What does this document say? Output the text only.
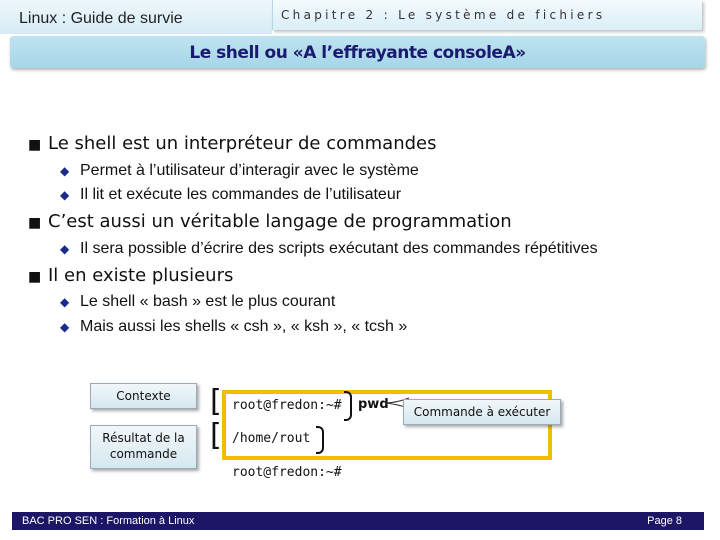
Linux : Guide de survie	Chapitre 2 : Le système de fichiers
Le shell ou «A l’effrayante consoleA»
■ Le shell est un interpréteur de commandes
◆ Permet à l’utilisateur d’interagir avec le système
◆ Il lit et exécute les commandes de l’utilisateur
■ C’est aussi un véritable langage de programmation
◆ Il sera possible d’écrire des scripts exécutant des commandes répétitives
■ Il en existe plusieurs
◆ Le shell « bash » est le plus courant
◆ Mais aussi les shells « csh », « ksh », « tcsh »
Contexte
Résultat de la commande
[
[
root@fredon:~# pwd
/home/rout
root@fredon:~#
Commande à exécuter
BAC PRO SEN : Formation à Linux	Page 8
